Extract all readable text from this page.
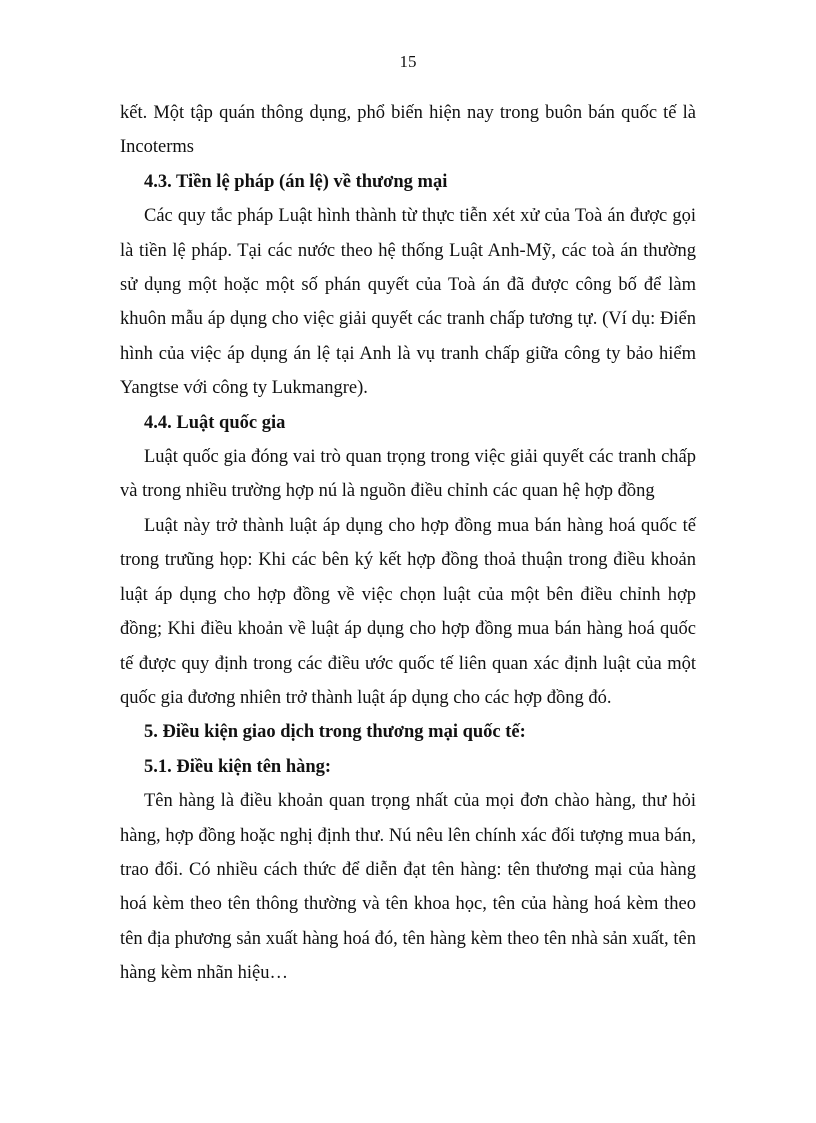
15

kết. Một tập quán thông dụng, phổ biến hiện nay trong buôn bán quốc tế là Incoterms

4.3. Tiền lệ pháp (án lệ) về thương mại

Các quy tắc pháp Luật hình thành từ thực tiễn xét xử của Toà án được gọi là tiền lệ pháp. Tại các nước theo hệ thống Luật Anh-Mỹ, các toà án thường sử dụng một hoặc một số phán quyết của Toà án đã được công bố để làm khuôn mẫu áp dụng cho việc giải quyết các tranh chấp tương tự. (Ví dụ: Điển hình của việc áp dụng án lệ tại Anh là vụ tranh chấp giữa công ty bảo hiểm Yangtse với công ty Lukmangre).

4.4. Luật quốc gia

Luật quốc gia đóng vai trò quan trọng trong việc giải quyết các tranh chấp và trong nhiều trường hợp nú là nguồn điều chỉnh các quan hệ hợp đồng

Luật này trở thành luật áp dụng cho hợp đồng mua bán hàng hoá quốc tế trong trưũng họp: Khi các bên ký kết hợp đồng thoả thuận trong điều khoản luật áp dụng cho hợp đồng về việc chọn luật của một bên điều chỉnh hợp đồng; Khi điều khoản về luật áp dụng cho hợp đồng mua bán hàng hoá quốc tế được quy định trong các điều ước quốc tế liên quan xác định luật của một quốc gia đương nhiên trở thành luật áp dụng cho các hợp đồng đó.

5. Điều kiện giao dịch trong thương mại quốc tế:
5.1. Điều kiện tên hàng:

Tên hàng là điều khoản quan trọng nhất của mọi đơn chào hàng, thư hỏi hàng, hợp đồng hoặc nghị định thư. Nú nêu lên chính xác đối tượng mua bán, trao đổi. Có nhiều cách thức để diễn đạt tên hàng: tên thương mại của hàng hoá kèm theo tên thông thường và tên khoa học, tên của hàng hoá kèm theo tên địa phương sản xuất hàng hoá đó, tên hàng kèm theo tên nhà sản xuất, tên hàng kèm nhãn hiệu…
